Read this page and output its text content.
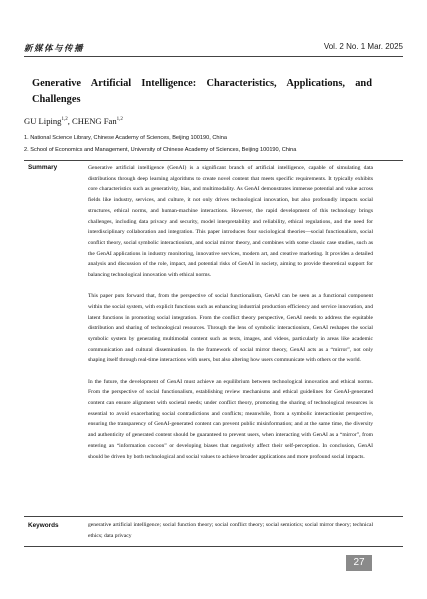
新媒体与传播	Vol. 2 No. 1 Mar. 2025
Generative Artificial Intelligence: Characteristics, Applications, and Challenges
GU Liping$^{1,2}$, CHENG Fan$^{1,2}$
1. National Science Library, Chinese Academy of Sciences, Beijing 100190, China
2. School of Economics and Management, University of Chinese Academy of Sciences, Beijing 100190, China
Summary	Generative artificial intelligence (GenAI) is a significant branch of artificial intelligence, capable of simulating data distributions through deep learning algorithms to create novel content that meets specific requirements. It typically exhibits core characteristics such as generativity, bias, and multimodality. As GenAI demonstrates immense potential and value across fields like industry, services, and culture, it not only drives technological innovation, but also profoundly impacts social structures, ethical norms, and human-machine interactions. However, the rapid development of this technology brings challenges, including data privacy and security, model interpretability and reliability, ethical regulations, and the need for interdisciplinary collaboration and integration. This paper introduces four sociological theories—social functionalism, social conflict theory, social symbolic interactionism, and social mirror theory, and combines with some classic case studies, such as the GenAI applications in industry monitoring, innovative services, modern art, and creative marketing. It provides a detailed analysis and discussion of the role, impact, and potential risks of GenAI in society, aiming to provide theoretical support for balancing technological innovation with ethical norms.

This paper puts forward that, from the perspective of social functionalism, GenAI can be seen as a functional component within the social system, with explicit functions such as enhancing industrial production efficiency and service innovation, and latent functions in promoting social integration. From the conflict theory perspective, GenAI needs to address the equitable distribution and sharing of technological resources. Through the lens of symbolic interactionism, GenAI reshapes the social symbolic system by generating multimodal content such as texts, images, and videos, particularly in areas like academic communication and cultural dissemination. In the framework of social mirror theory, GenAI acts as a “mirror”, not only shaping itself through real-time interactions with users, but also altering how users communicate with others or the world.

In the future, the development of GenAI must achieve an equilibrium between technological innovation and ethical norms. From the perspective of social functionalism, establishing review mechanisms and ethical guidelines for GenAI-generated content can ensure alignment with societal needs; under conflict theory, promoting the sharing of technological resources is essential to avoid exacerbating social contradictions and conflicts; meanwhile, from a symbolic interactionist perspective, ensuring the transparency of GenAI-generated content can prevent public misinformation; and at the same time, the diversity and authenticity of generated content should be guaranteed to prevent users, when interacting with GenAI as a “mirror”, from entering an “information cocoon” or developing biases that negatively affect their self-perception. In conclusion, GenAI should be driven by both technological and social values to achieve broader applications and more profound social impacts.

Keywords	generative artificial intelligence; social function theory; social conflict theory; social semiotics; social mirror theory; technical ethics; data privacy
27
